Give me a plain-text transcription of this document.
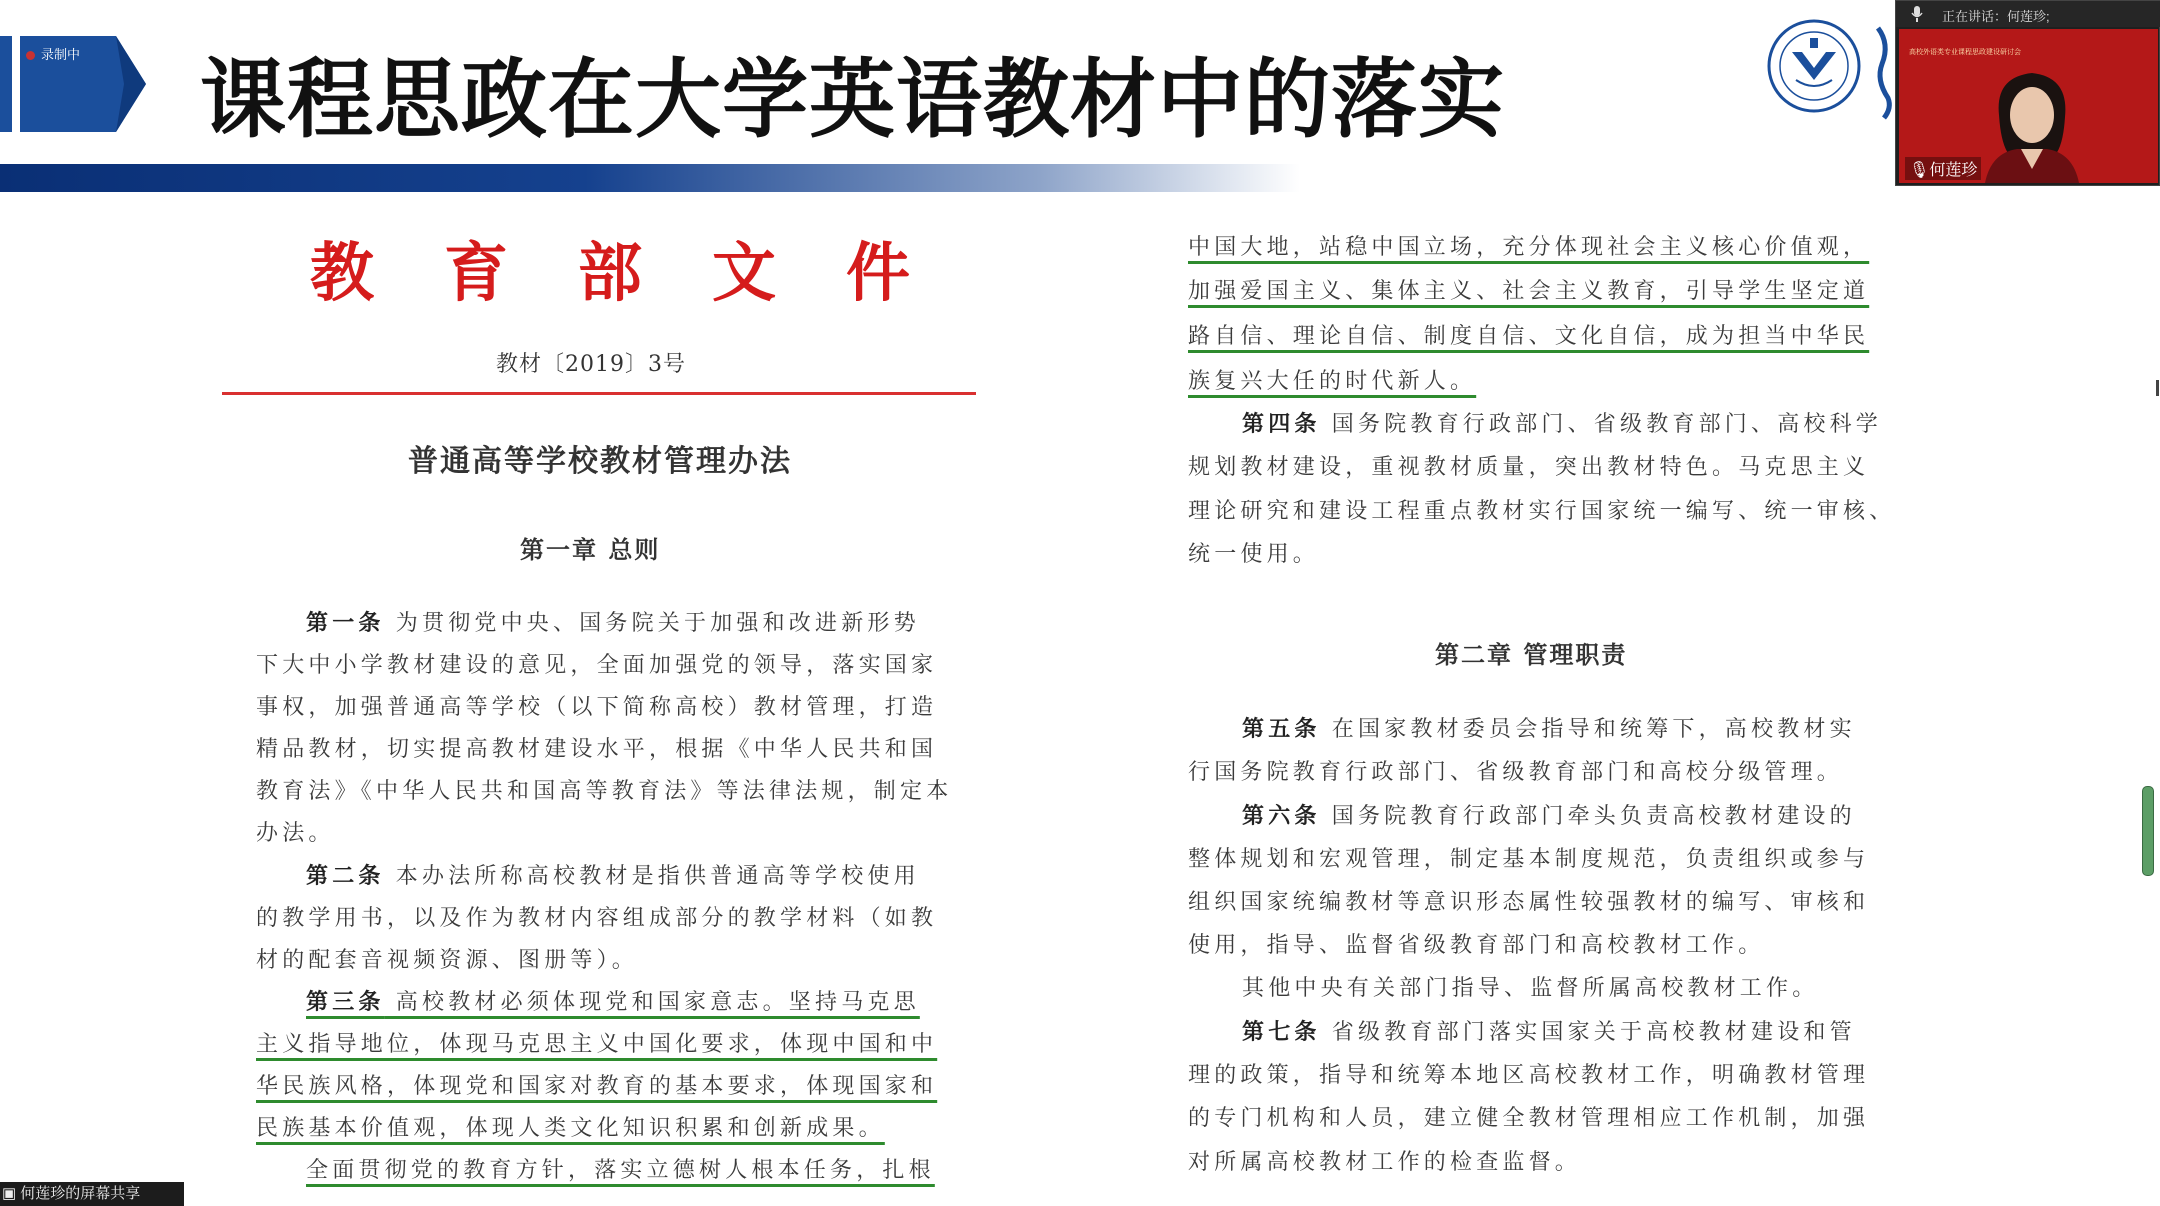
录制中 课程思政在大学英语教材中的落实
正在讲话：何莲珍;
高校外语类专业课程思政建设研讨会
🎙何莲珍
教育部文件
教材〔2019〕3号
普通高等学校教材管理办法
第一章 总则
第一条 为贯彻党中央、国务院关于加强和改进新形势
下大中小学教材建设的意见，全面加强党的领导，落实国家
事权，加强普通高等学校（以下简称高校）教材管理，打造
精品教材，切实提高教材建设水平，根据《中华人民共和国
教育法》《中华人民共和国高等教育法》等法律法规，制定本
办法。
第二条 本办法所称高校教材是指供普通高等学校使用
的教学用书，以及作为教材内容组成部分的教学材料（如教
材的配套音视频资源、图册等）。
第三条 高校教材必须体现党和国家意志。坚持马克思
主义指导地位，体现马克思主义中国化要求，体现中国和中
华民族风格，体现党和国家对教育的基本要求，体现国家和
民族基本价值观，体现人类文化知识积累和创新成果。
全面贯彻党的教育方针，落实立德树人根本任务，扎根
中国大地，站稳中国立场，充分体现社会主义核心价值观，
加强爱国主义、集体主义、社会主义教育，引导学生坚定道
路自信、理论自信、制度自信、文化自信，成为担当中华民
族复兴大任的时代新人。
第四条 国务院教育行政部门、省级教育部门、高校科学
规划教材建设，重视教材质量，突出教材特色。马克思主义
理论研究和建设工程重点教材实行国家统一编写、统一审核、
统一使用。
第二章 管理职责
第五条 在国家教材委员会指导和统筹下，高校教材实
行国务院教育行政部门、省级教育部门和高校分级管理。
第六条 国务院教育行政部门牵头负责高校教材建设的
整体规划和宏观管理，制定基本制度规范，负责组织或参与
组织国家统编教材等意识形态属性较强教材的编写、审核和
使用，指导、监督省级教育部门和高校教材工作。
其他中央有关部门指导、监督所属高校教材工作。
第七条 省级教育部门落实国家关于高校教材建设和管
理的政策，指导和统筹本地区高校教材工作，明确教材管理
的专门机构和人员，建立健全教材管理相应工作机制，加强
对所属高校教材工作的检查监督。
▣ 何莲珍的屏幕共享
